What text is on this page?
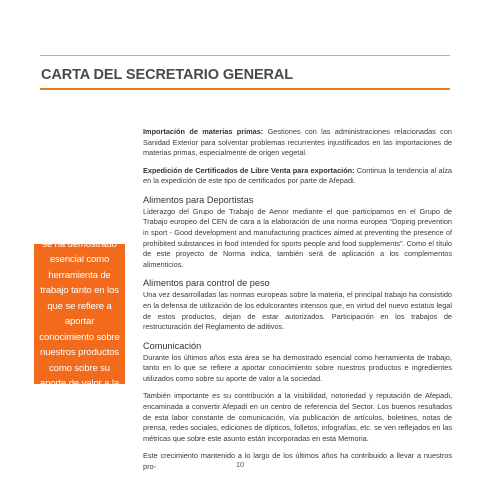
CARTA DEL SECRETARIO GENERAL
“La comunicación se ha demostrado esencial como herramienta de trabajo tanto en los que se refiere a aportar conocimiento sobre nuestros productos como sobre su aporte de valor a la sociedad”

Importación de materias primas: Gestiones con las administraciones relacionadas con Sanidad Exterior para solventar problemas recurrentes injustificados en las importaciones de materias primas, especialmente de origen vegetal.

Expedición de Certificados de Libre Venta para exportación: Continua la tendencia al alza en la expedición de este tipo de certificados por parte de Afepadi.

Alimentos para Deportistas

Liderazgo del Grupo de Trabajo de Aenor mediante el que participamos en el Grupo de Trabajo europeo del CEN de cara a la elaboración de una norma europea “Doping prevention in sport - Good development and manufacturing practices aimed at preventing the presence of prohibited substances in food intended for sports people and food supplements”. Como el título de este proyecto de Norma indica, también será de aplicación a los complementos alimenticios.

Alimentos para control de peso

Una vez desarrolladas las normas europeas sobre la materia, el principal trabajo ha consistido en la defensa de utilización de los edulcorantes intensos que, en virtud del nuevo estatus legal de estos productos, dejan de estar autorizados. Participación en los trabajos de restructuración del Reglamento de aditivos.

Comunicación

Durante los últimos años esta área se ha demostrado esencial como herramienta de trabajo, tanto en lo que se refiere a aportar conocimiento sobre nuestros productos e ingredientes utilizados como sobre su aporte de valor a la sociedad.

También importante es su contribución a la visibilidad, notoriedad y reputación de Afepadi, encaminada a convertir Afepadi en un centro de referencia del Sector. Los buenos resultados de esta labor constante de comunicación, vía publicación de artículos, boletines, notas de prensa, redes sociales, ediciones de dípticos, folletos, infografías, etc. se ven reflejados en las métricas que sobre este asunto están incorporadas en esta Memoria.

Este crecimiento mantenido a lo largo de los últimos años ha contribuido a llevar a nuestros pro-	10
